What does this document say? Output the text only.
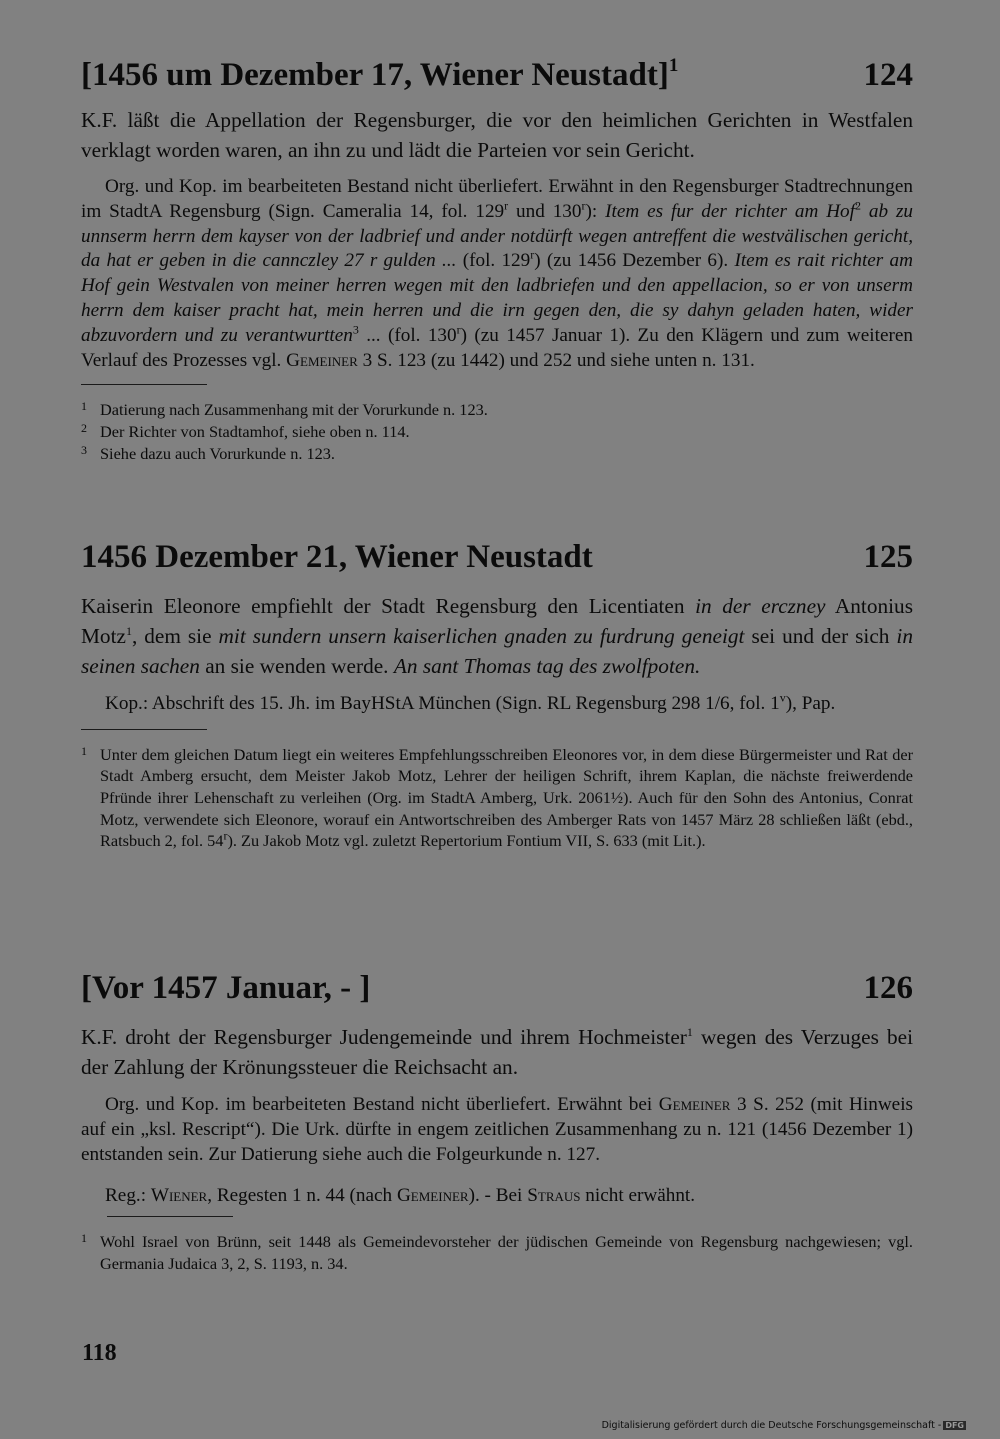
[1456 um Dezember 17, Wiener Neustadt]$^1$	124
K.F. läßt die Appellation der Regensburger, die vor den heimlichen Gerichten in Westfalen verklagt worden waren, an ihn zu und lädt die Parteien vor sein Gericht.
Org. und Kop. im bearbeiteten Bestand nicht überliefert. Erwähnt in den Regensburger Stadtrechnungen im StadtA Regensburg (Sign. Cameralia 14, fol. 129$^r$ und 130$^r$): Item es fur der richter am Hof$^2$ ab zu unnserm herrn dem kayser von der ladbrief und ander notdürft wegen antreffent die westvälischen gericht, da hat er geben in die cannczley 27 r gulden ... (fol. 129$^r$) (zu 1456 Dezember 6). Item es rait richter am Hof gein Westvalen von meiner herren wegen mit den ladbriefen und den appellacion, so er von unserm herrn dem kaiser pracht hat, mein herren und die irn gegen den, die sy dahyn geladen haten, wider abzuvordern und zu verantwurtten$^3$ ... (fol. 130$^r$) (zu 1457 Januar 1). Zu den Klägern und zum weiteren Verlauf des Prozesses vgl. Gemeiner 3 S. 123 (zu 1442) und 252 und siehe unten n. 131.
1 Datierung nach Zusammenhang mit der Vorurkunde n. 123.
2 Der Richter von Stadtamhof, siehe oben n. 114.
3 Siehe dazu auch Vorurkunde n. 123.
1456 Dezember 21, Wiener Neustadt	125
Kaiserin Eleonore empfiehlt der Stadt Regensburg den Licentiaten in der erczney Antonius Motz$^1$, dem sie mit sundern unsern kaiserlichen gnaden zu furdrung geneigt sei und der sich in seinen sachen an sie wenden werde. An sant Thomas tag des zwolfpoten.
Kop.: Abschrift des 15. Jh. im BayHStA München (Sign. RL Regensburg 298 1/6, fol. 1$^v$), Pap.
1 Unter dem gleichen Datum liegt ein weiteres Empfehlungsschreiben Eleonores vor, in dem diese Bürgermeister und Rat der Stadt Amberg ersucht, dem Meister Jakob Motz, Lehrer der heiligen Schrift, ihrem Kaplan, die nächste freiwerdende Pfründe ihrer Lehenschaft zu verleihen (Org. im StadtA Amberg, Urk. 2061½). Auch für den Sohn des Antonius, Conrat Motz, verwendete sich Eleonore, worauf ein Antwortschreiben des Amberger Rats von 1457 März 28 schließen läßt (ebd., Ratsbuch 2, fol. 54$^r$). Zu Jakob Motz vgl. zuletzt Repertorium Fontium VII, S. 633 (mit Lit.).
[Vor 1457 Januar, - ]	126
K.F. droht der Regensburger Judengemeinde und ihrem Hochmeister$^1$ wegen des Verzuges bei der Zahlung der Krönungssteuer die Reichsacht an.
Org. und Kop. im bearbeiteten Bestand nicht überliefert. Erwähnt bei Gemeiner 3 S. 252 (mit Hinweis auf ein „ksl. Rescript“). Die Urk. dürfte in engem zeitlichen Zusammenhang zu n. 121 (1456 Dezember 1) entstanden sein. Zur Datierung siehe auch die Folgeurkunde n. 127.
Reg.: Wiener, Regesten 1 n. 44 (nach Gemeiner). - Bei Straus nicht erwähnt.
1 Wohl Israel von Brünn, seit 1448 als Gemeindevorsteher der jüdischen Gemeinde von Regensburg nachgewiesen; vgl. Germania Judaica 3, 2, S. 1193, n. 34.
118
Digitalisierung gefördert durch die Deutsche Forschungsgemeinschaft - DFG
